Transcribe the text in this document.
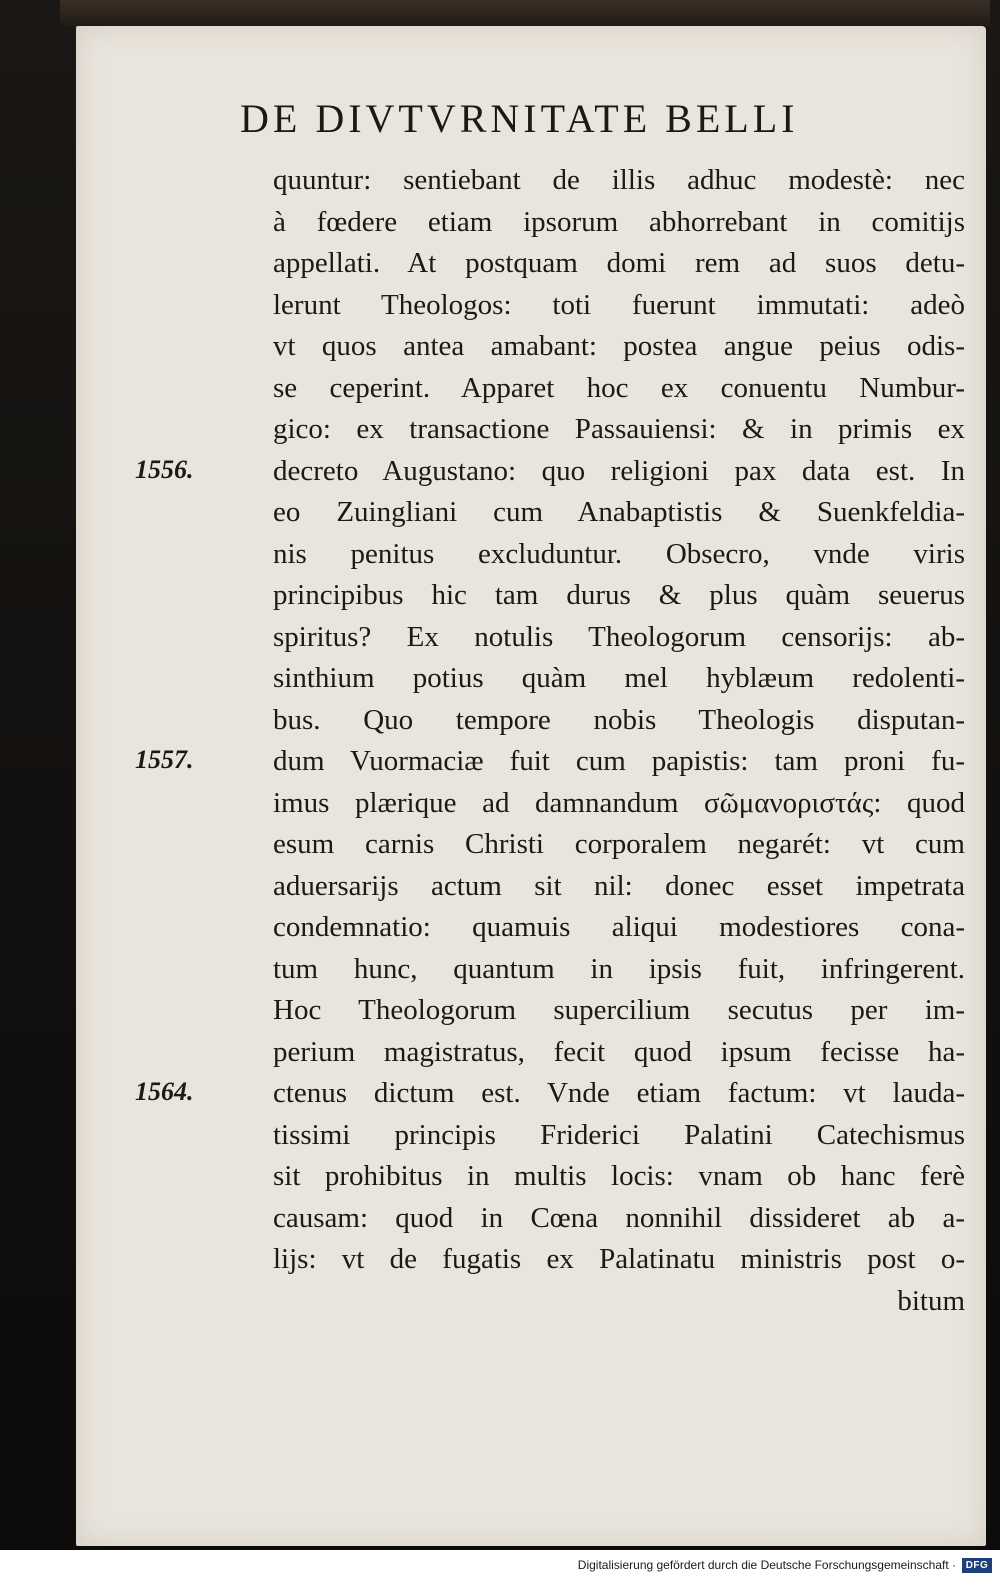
DE DIVTVRNITATE BELLI
quuntur: sentiebant de illis adhuc modestè: nec
à fœdere etiam ipsorum abhorrebant in comitijs
appellati. At postquam domi rem ad suos detu-
lerunt Theologos: toti fuerunt immutati: adeò
vt quos antea amabant: postea angue peius odis-
se ceperint. Apparet hoc ex conuentu Numbur-
gico: ex transactione Passauiensi: & in primis ex
decreto Augustano: quo religioni pax data est. In
eo Zuingliani cum Anabaptistis & Suenkfeldia-
nis penitus excluduntur. Obsecro, vnde viris
principibus hic tam durus & plus quàm seuerus
spiritus? Ex notulis Theologorum censorijs: ab-
sinthium potius quàm mel hyblæum redolenti-
bus. Quo tempore nobis Theologis disputan-
dum Vuormaciæ fuit cum papistis: tam proni fu-
imus plærique ad damnandum σῶμανοριστάς: quod
esum carnis Christi corporalem negarét: vt cum
aduersarijs actum sit nil: donec esset impetrata
condemnatio: quamuis aliqui modestiores cona-
tum hunc, quantum in ipsis fuit, infringerent.
Hoc Theologorum supercilium secutus per im-
perium magistratus, fecit quod ipsum fecisse ha-
ctenus dictum est. Vnde etiam factum: vt lauda-
tissimi principis Friderici Palatini Catechismus
sit prohibitus in multis locis: vnam ob hanc ferè
causam: quod in Cœna nonnihil dissideret ab a-
lijs: vt de fugatis ex Palatinatu ministris post o-
bitum
1556.
1557.
1564.
Digitalisierung gefördert durch die Deutsche Forschungsgemeinschaft · DFG
